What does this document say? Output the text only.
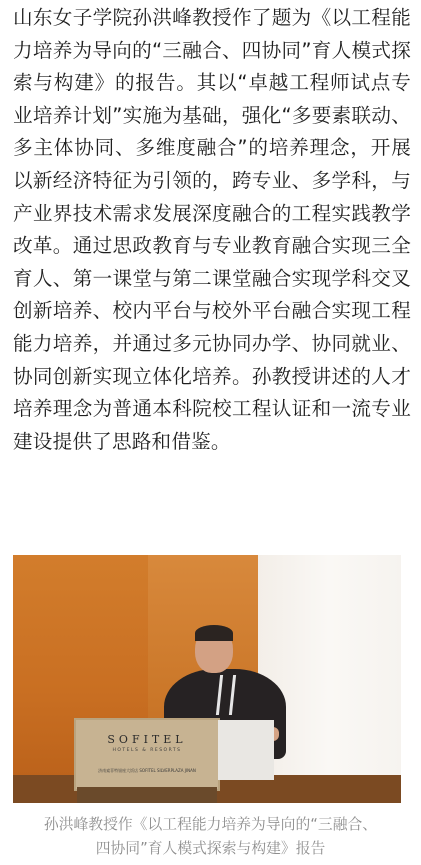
山东女子学院孙洪峰教授作了题为《以工程能力培养为导向的“三融合、四协同”育人模式探索与构建》的报告。其以“卓越工程师试点专业培养计划”实施为基础，强化“多要素联动、多主体协同、多维度融合”的培养理念，开展以新经济特征为引领的，跨专业、多学科，与产业界技术需求发展深度融合的工程实践教学改革。通过思政教育与专业教育融合实现三全育人、第一课堂与第二课堂融合实现学科交叉创新培养、校内平台与校外平台融合实现工程能力培养，并通过多元协同办学、协同就业、协同创新实现立体化培养。孙教授讲述的人才培养理念为普通本科院校工程认证和一流专业建设提供了思路和借鉴。
SOFITEL
HOTELS & RESORTS
济南索菲特银座大饭店 SOFITEL SILVERPLAZA JINAN
孙洪峰教授作《以工程能力培养为导向的“三融合、
四协同”育人模式探索与构建》报告
